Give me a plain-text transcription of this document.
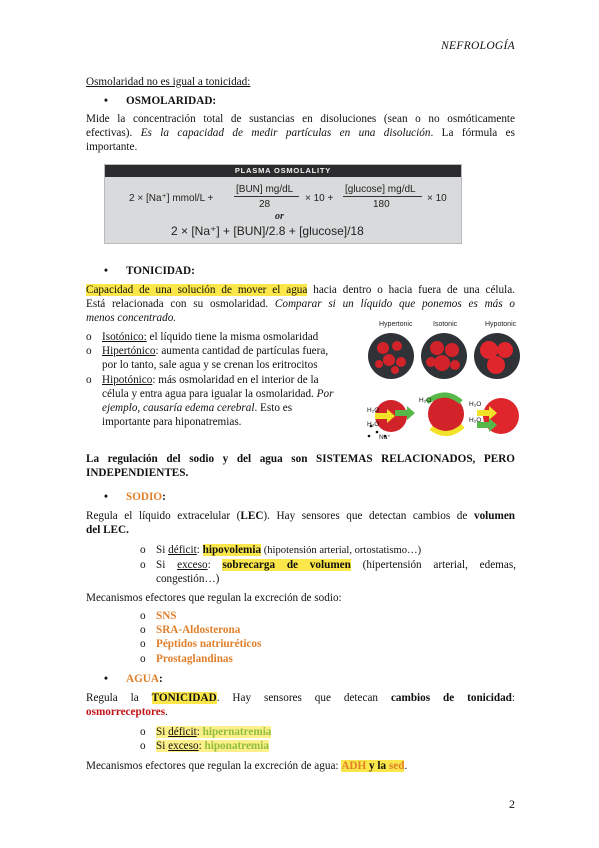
NEFROLOGÍA
Osmolaridad no es igual a tonicidad:
• OSMOLARIDAD:
Mide la concentración total de sustancias en disoluciones (sean o no osmóticamente
efectivas). Es la capacidad de medir partículas en una disolución. La fórmula es
importante.
PLASMA OSMOLALITY
2 × [Na⁺] mmol/L +
[BUN] mg/dL
28
× 10 +
[glucose] mg/dL
180
× 10
or
2 × [Na⁺] + [BUN]/2.8 + [glucose]/18
• TONICIDAD:
Capacidad de una solución de mover el agua hacia dentro o hacia fuera de una célula.
Está relacionada con su osmolaridad. Comparar si un líquido que ponemos es más o
menos concentrado.
o Isotónico: el líquido tiene la misma osmolaridad
o Hipertónico: aumenta cantidad de partículas fuera,
por lo tanto, sale agua y se crenan los eritrocitos
o Hipotónico: más osmolaridad en el interior de la
célula y entra agua para igualar la osmolaridad. Por
ejemplo, causaría edema cerebral. Esto es
importante para hiponatremias.
Hypertonic	Isotonic	Hypotonic
H₂O
H₂O
Na⁺
H₂O
H₂O
H₂O
La regulación del sodio y del agua son SISTEMAS RELACIONADOS, PERO
INDEPENDIENTES.
• SODIO:
Regula el líquido extracelular (LEC). Hay sensores que detectan cambios de volumen
del LEC.
o Si déficit: hipovolemia (hipotensión arterial, ortostatismo…)
o Si exceso: sobrecarga de volumen (hipertensión arterial, edemas,
congestión…)
Mecanismos efectores que regulan la excreción de sodio:
o SNS
o SRA-Aldosterona
o Péptidos natriuréticos
o Prostaglandinas
• AGUA:
Regula la TONICIDAD. Hay sensores que detecan cambios de tonicidad:
osmorreceptores.
o Si déficit: hipernatremia
o Si exceso: hiponatremia
Mecanismos efectores que regulan la excreción de agua: ADH y la sed.
2
